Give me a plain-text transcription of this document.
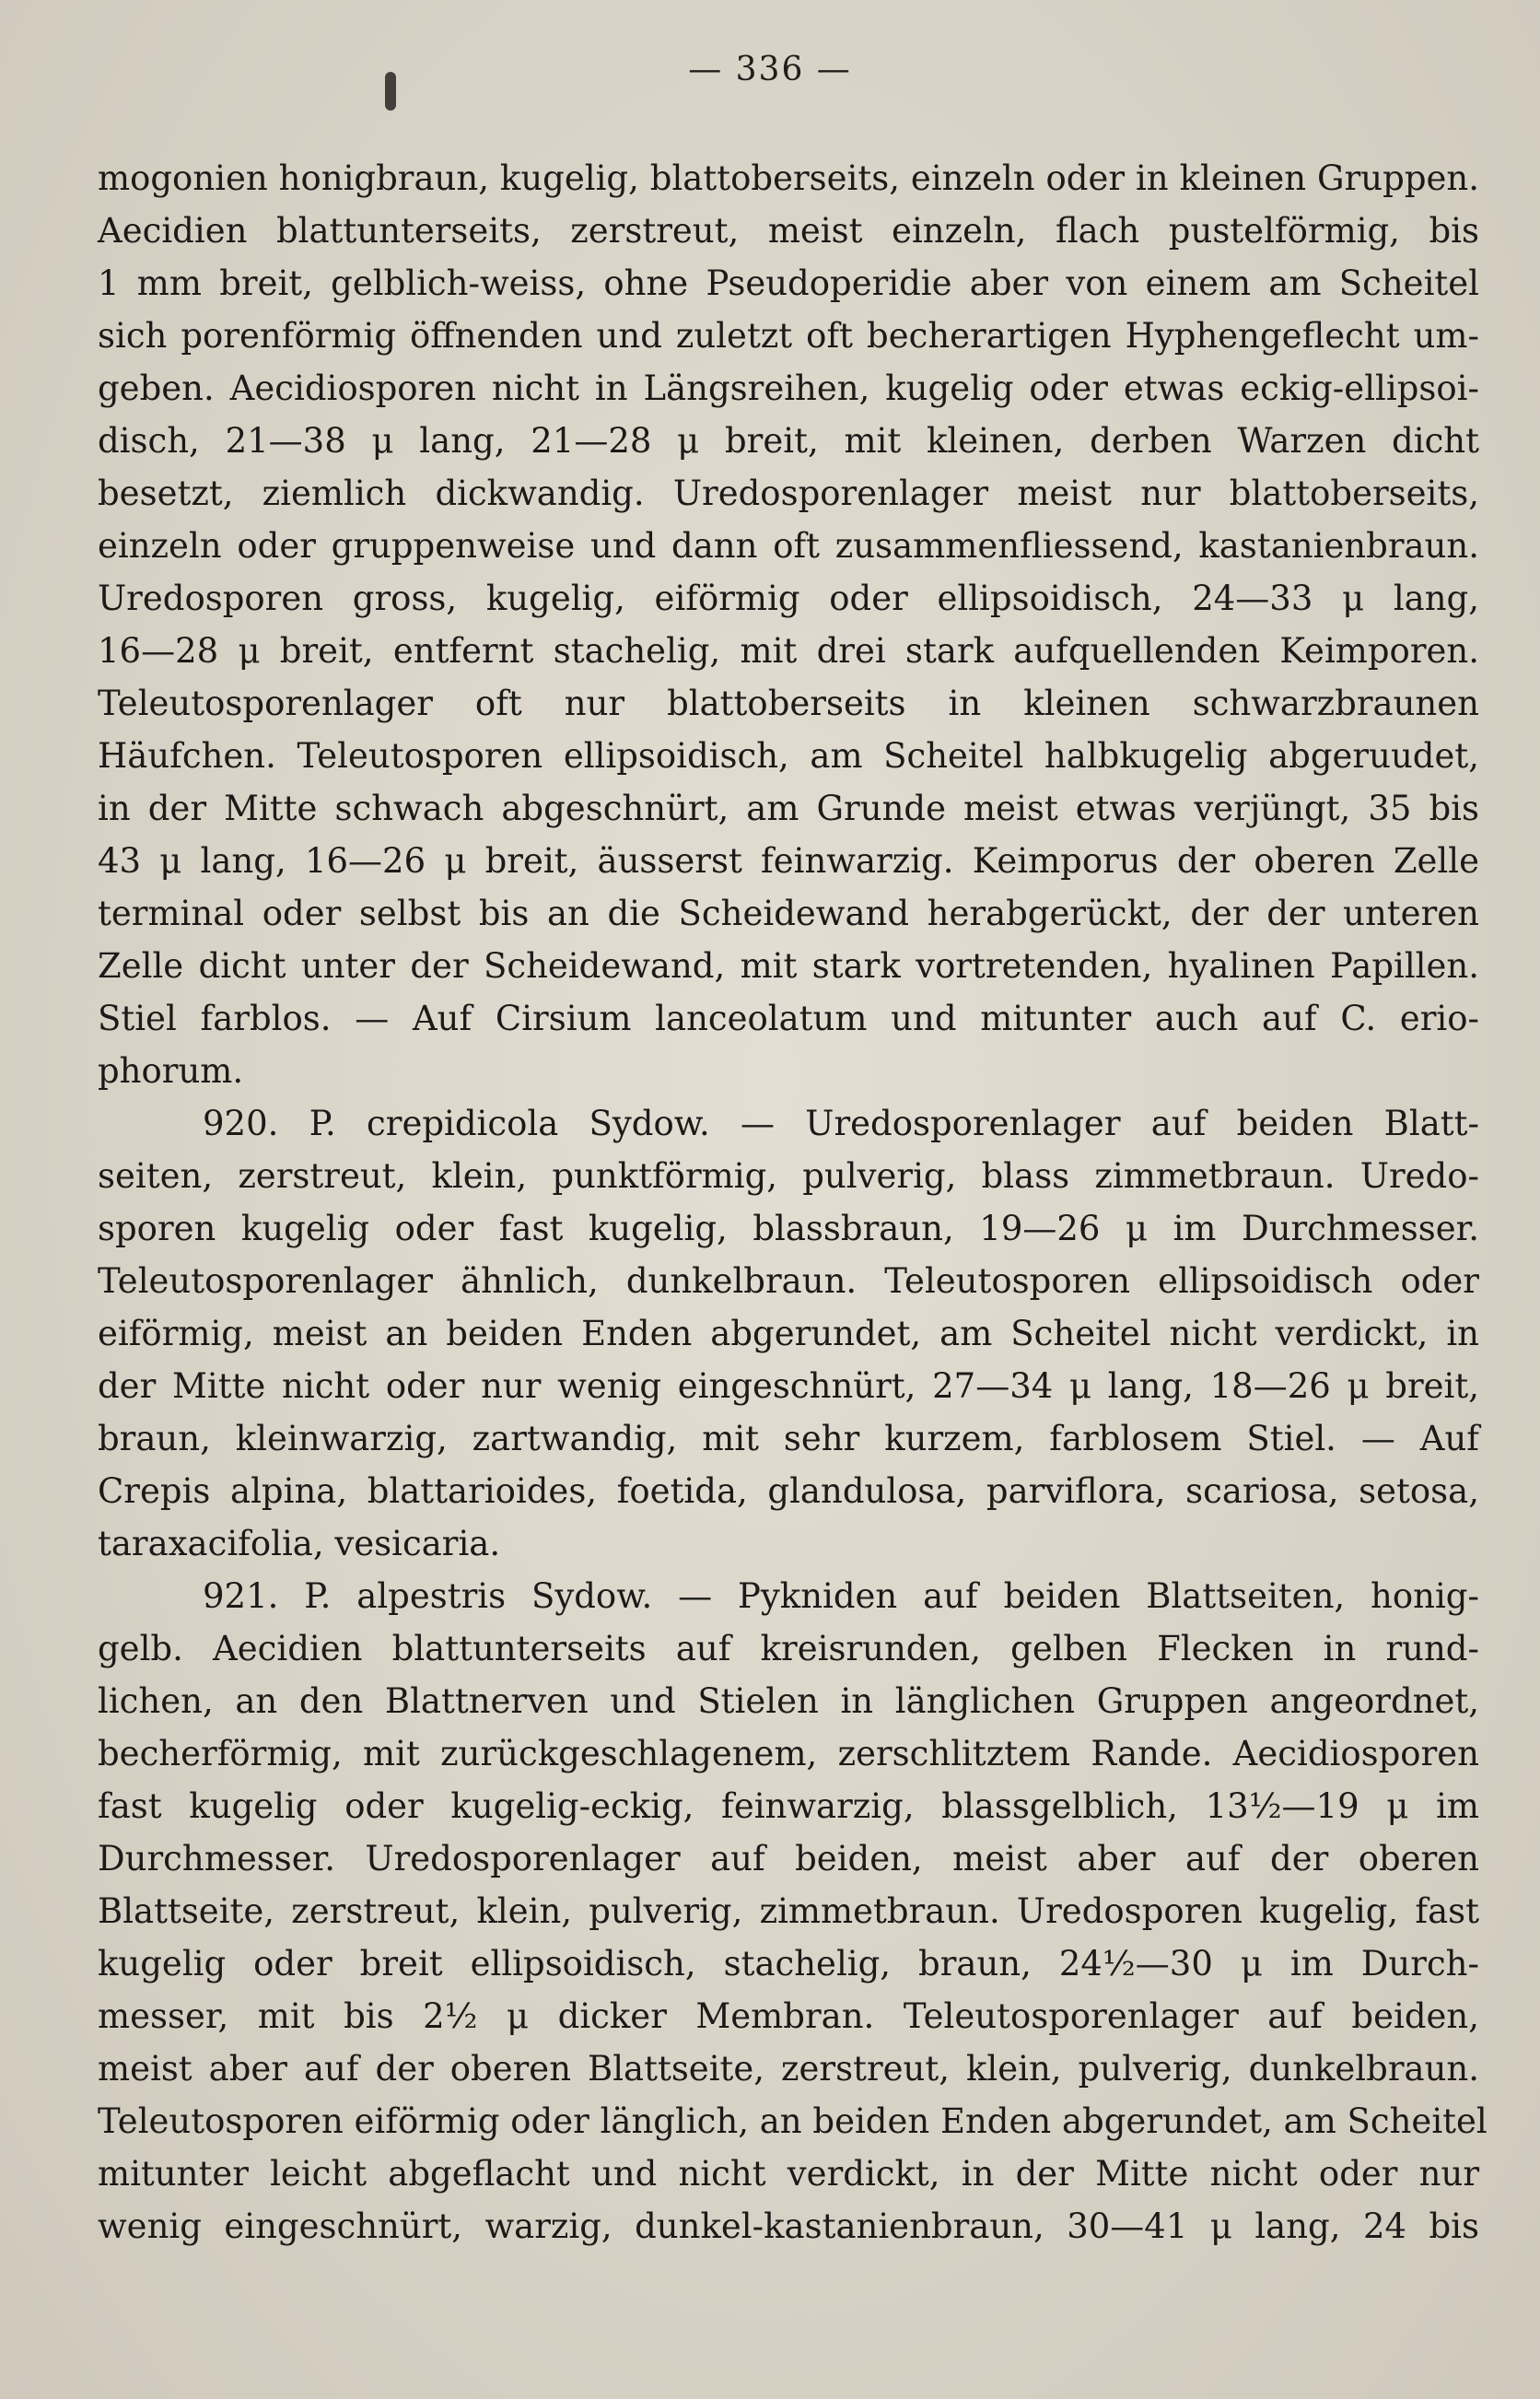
— 336 —
mogonien honigbraun, kugelig, blattoberseits, einzeln oder in kleinen Gruppen.
Aecidien blattunterseits, zerstreut, meist einzeln, flach pustelförmig, bis
1 mm breit, gelblich-weiss, ohne Pseudoperidie aber von einem am Scheitel
sich porenförmig öffnenden und zuletzt oft becherartigen Hyphengeflecht um-
geben. Aecidiosporen nicht in Längsreihen, kugelig oder etwas eckig-ellipsoi-
disch, 21—38 μ lang, 21—28 μ breit, mit kleinen, derben Warzen dicht
besetzt, ziemlich dickwandig. Uredosporenlager meist nur blattoberseits,
einzeln oder gruppenweise und dann oft zusammenfliessend, kastanienbraun.
Uredosporen gross, kugelig, eiförmig oder ellipsoidisch, 24—33 μ lang,
16—28 μ breit, entfernt stachelig, mit drei stark aufquellenden Keimporen.
Teleutosporenlager oft nur blattoberseits in kleinen schwarzbraunen
Häufchen. Teleutosporen ellipsoidisch, am Scheitel halbkugelig abgeruudet,
in der Mitte schwach abgeschnürt, am Grunde meist etwas verjüngt, 35 bis
43 μ lang, 16—26 μ breit, äusserst feinwarzig. Keimporus der oberen Zelle
terminal oder selbst bis an die Scheidewand herabgerückt, der der unteren
Zelle dicht unter der Scheidewand, mit stark vortretenden, hyalinen Papillen.
Stiel farblos. — Auf Cirsium lanceolatum und mitunter auch auf C. erio-
phorum.
920. P. crepidicola Sydow. — Uredosporenlager auf beiden Blatt-
seiten, zerstreut, klein, punktförmig, pulverig, blass zimmetbraun. Uredo-
sporen kugelig oder fast kugelig, blassbraun, 19—26 μ im Durchmesser.
Teleutosporenlager ähnlich, dunkelbraun. Teleutosporen ellipsoidisch oder
eiförmig, meist an beiden Enden abgerundet, am Scheitel nicht verdickt, in
der Mitte nicht oder nur wenig eingeschnürt, 27—34 μ lang, 18—26 μ breit,
braun, kleinwarzig, zartwandig, mit sehr kurzem, farblosem Stiel. — Auf
Crepis alpina, blattarioides, foetida, glandulosa, parviflora, scariosa, setosa,
taraxacifolia, vesicaria.
921. P. alpestris Sydow. — Pykniden auf beiden Blattseiten, honig-
gelb. Aecidien blattunterseits auf kreisrunden, gelben Flecken in rund-
lichen, an den Blattnerven und Stielen in länglichen Gruppen angeordnet,
becherförmig, mit zurückgeschlagenem, zerschlitztem Rande. Aecidiosporen
fast kugelig oder kugelig-eckig, feinwarzig, blassgelblich, 13½—19 μ im
Durchmesser. Uredosporenlager auf beiden, meist aber auf der oberen
Blattseite, zerstreut, klein, pulverig, zimmetbraun. Uredosporen kugelig, fast
kugelig oder breit ellipsoidisch, stachelig, braun, 24½—30 μ im Durch-
messer, mit bis 2½ μ dicker Membran. Teleutosporenlager auf beiden,
meist aber auf der oberen Blattseite, zerstreut, klein, pulverig, dunkelbraun.
Teleutosporen eiförmig oder länglich, an beiden Enden abgerundet, am Scheitel
mitunter leicht abgeflacht und nicht verdickt, in der Mitte nicht oder nur
wenig eingeschnürt, warzig, dunkel-kastanienbraun, 30—41 μ lang, 24 bis
